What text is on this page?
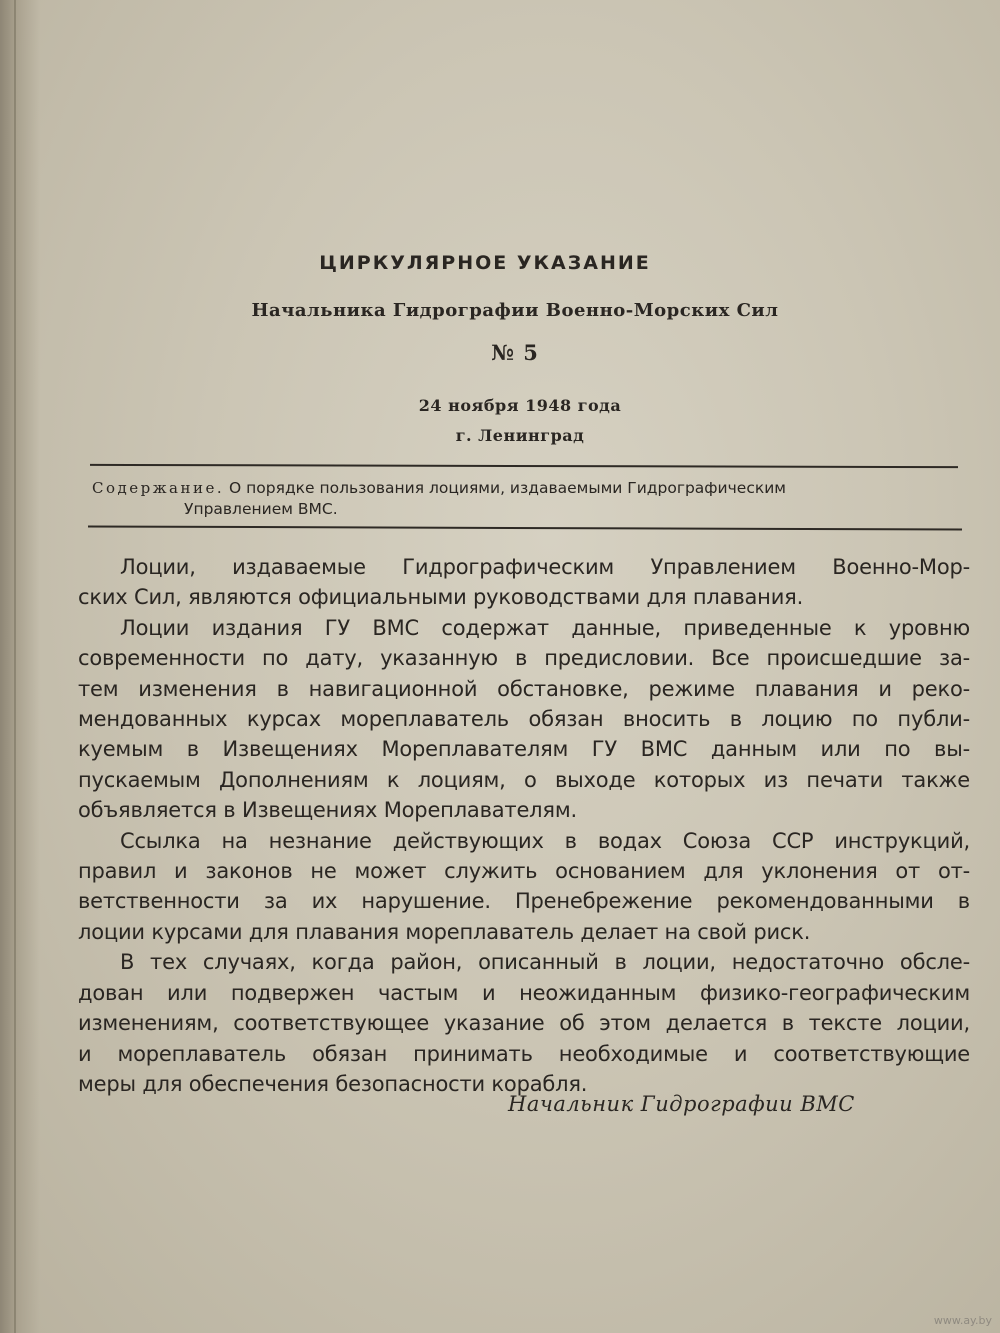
ЦИРКУЛЯРНОЕ УКАЗАНИЕ
Начальника Гидрографии Военно-Морских Сил
№ 5
24 ноября 1948 года
г. Ленинград
Содержание. О порядке пользования лоциями, издаваемыми Гидрографическим
Управлением ВМС.
Лоции, издаваемые Гидрографическим Управлением Военно-Мор-
ских Сил, являются официальными руководствами для плавания.
Лоции издания ГУ ВМС содержат данные, приведенные к уровню
современности по дату, указанную в предисловии. Все происшедшие за-
тем изменения в навигационной обстановке, режиме плавания и реко-
мендованных курсах мореплаватель обязан вносить в лоцию по публи-
куемым в Извещениях Мореплавателям ГУ ВМС данным или по вы-
пускаемым Дополнениям к лоциям, о выходе которых из печати также
объявляется в Извещениях Мореплавателям.
Ссылка на незнание действующих в водах Союза ССР инструкций,
правил и законов не может служить основанием для уклонения от от-
ветственности за их нарушение. Пренебрежение рекомендованными в
лоции курсами для плавания мореплаватель делает на свой риск.
В тех случаях, когда район, описанный в лоции, недостаточно обсле-
дован или подвержен частым и неожиданным физико-географическим
изменениям, соответствующее указание об этом делается в тексте лоции,
и мореплаватель обязан принимать необходимые и соответствующие
меры для обеспечения безопасности корабля.
Начальник Гидрографии ВМС
www.ay.by
